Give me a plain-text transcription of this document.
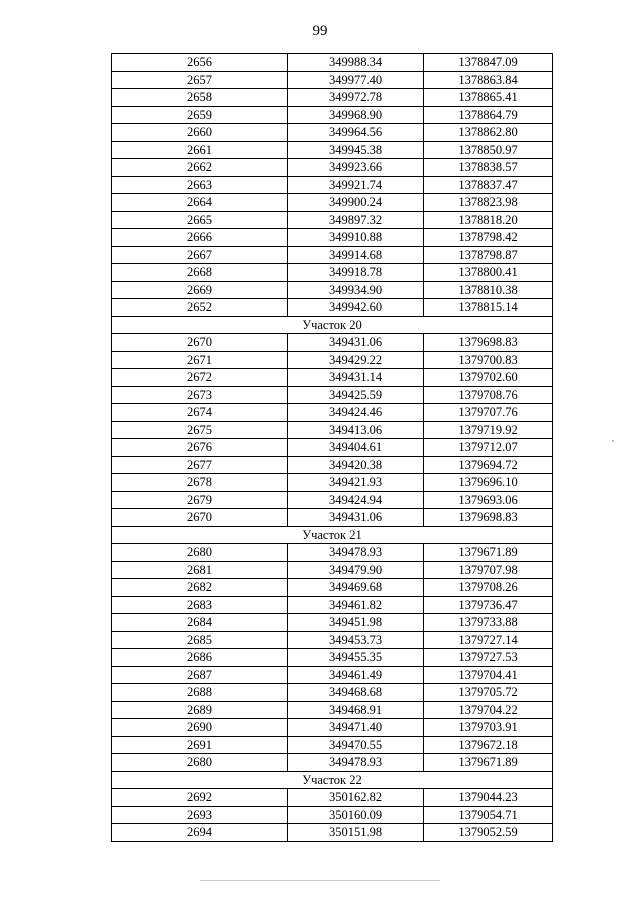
99
2656	349988.34	1378847.09
2657	349977.40	1378863.84
2658	349972.78	1378865.41
2659	349968.90	1378864.79
2660	349964.56	1378862.80
2661	349945.38	1378850.97
2662	349923.66	1378838.57
2663	349921.74	1378837.47
2664	349900.24	1378823.98
2665	349897.32	1378818.20
2666	349910.88	1378798.42
2667	349914.68	1378798.87
2668	349918.78	1378800.41
2669	349934.90	1378810.38
2652	349942.60	1378815.14
Участок 20		
2670	349431.06	1379698.83
2671	349429.22	1379700.83
2672	349431.14	1379702.60
2673	349425.59	1379708.76
2674	349424.46	1379707.76
2675	349413.06	1379719.92
2676	349404.61	1379712.07
2677	349420.38	1379694.72
2678	349421.93	1379696.10
2679	349424.94	1379693.06
2670	349431.06	1379698.83
Участок 21		
2680	349478.93	1379671.89
2681	349479.90	1379707.98
2682	349469.68	1379708.26
2683	349461.82	1379736.47
2684	349451.98	1379733.88
2685	349453.73	1379727.14
2686	349455.35	1379727.53
2687	349461.49	1379704.41
2688	349468.68	1379705.72
2689	349468.91	1379704.22
2690	349471.40	1379703.91
2691	349470.55	1379672.18
2680	349478.93	1379671.89
Участок 22		
2692	350162.82	1379044.23
2693	350160.09	1379054.71
2694	350151.98	1379052.59
